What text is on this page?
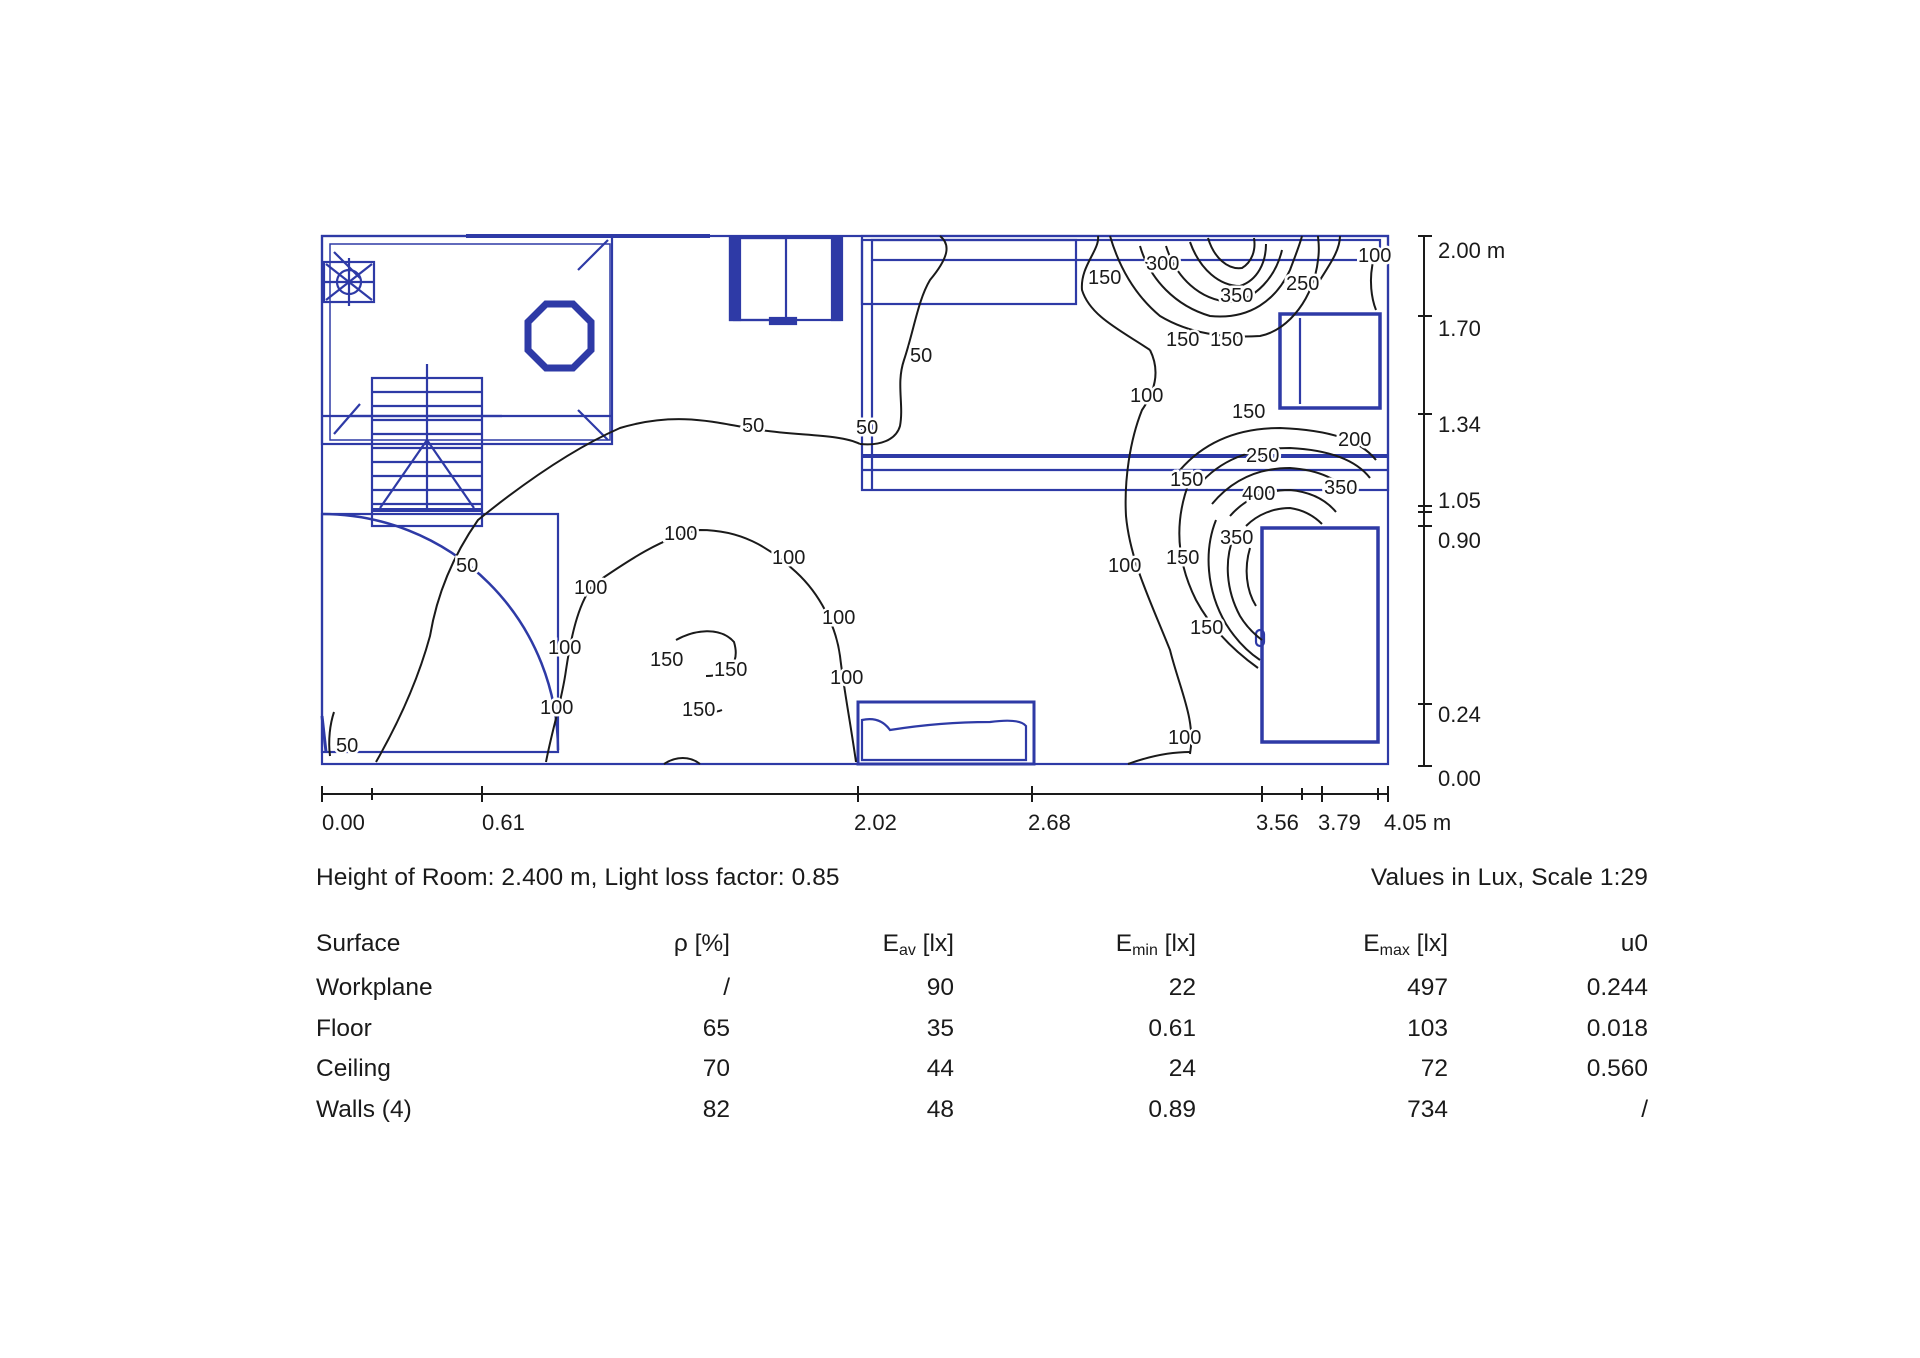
50
50
50
50
50
100
100
100
100
100
100
100
100
100
100
100
150 150
150
150
150 150
150
150
150
150
200
250
250
300
350
350
350
400
2.00 m
1.70
1.34
1.05
0.90
0.24
0.00
0.00	0.61	2.02	2.68	3.56 3.79 4.05 m
Height of Room: 2.400 m, Light loss factor: 0.85	Values in Lux, Scale 1:29
Surface	ρ [%]	$E_{av}$ [lx]	$E_{min}$ [lx]	$E_{max}$ [lx]	u0
Workplane	/	90	22	497	0.244
Floor	65	35	0.61	103	0.018
Ceiling	70	44	24	72	0.560
Walls (4)	82	48	0.89	734	/
